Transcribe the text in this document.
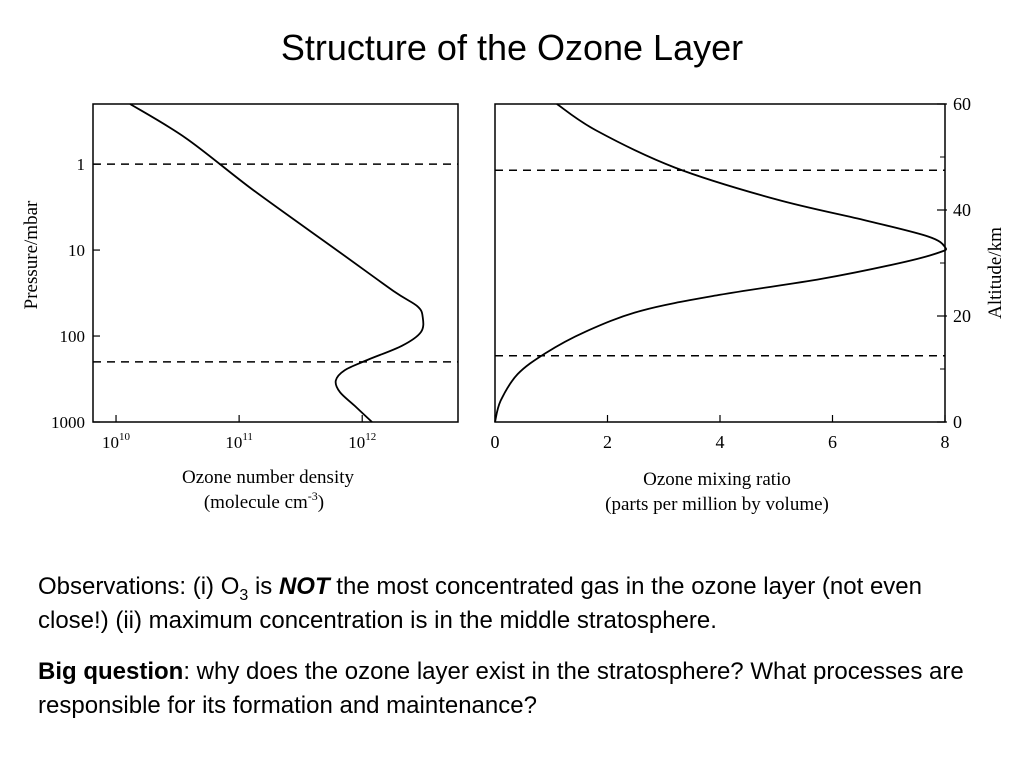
Structure of the Ozone Layer
1
10
100
1000
$10^{10}$	$10^{11}$	$10^{12}$
Pressure/mbar
Ozone number density
(molecule $cm^{-3}$)
0	2	4	6	8
0
20
40
60
Altitude/km
Ozone mixing ratio
(parts per million by volume)
Observations: (i) $O_3$ is NOT the most concentrated gas in the ozone layer (not even close!) (ii) maximum concentration is in the middle stratosphere.
Big question: why does the ozone layer exist in the stratosphere? What processes are responsible for its formation and maintenance?
